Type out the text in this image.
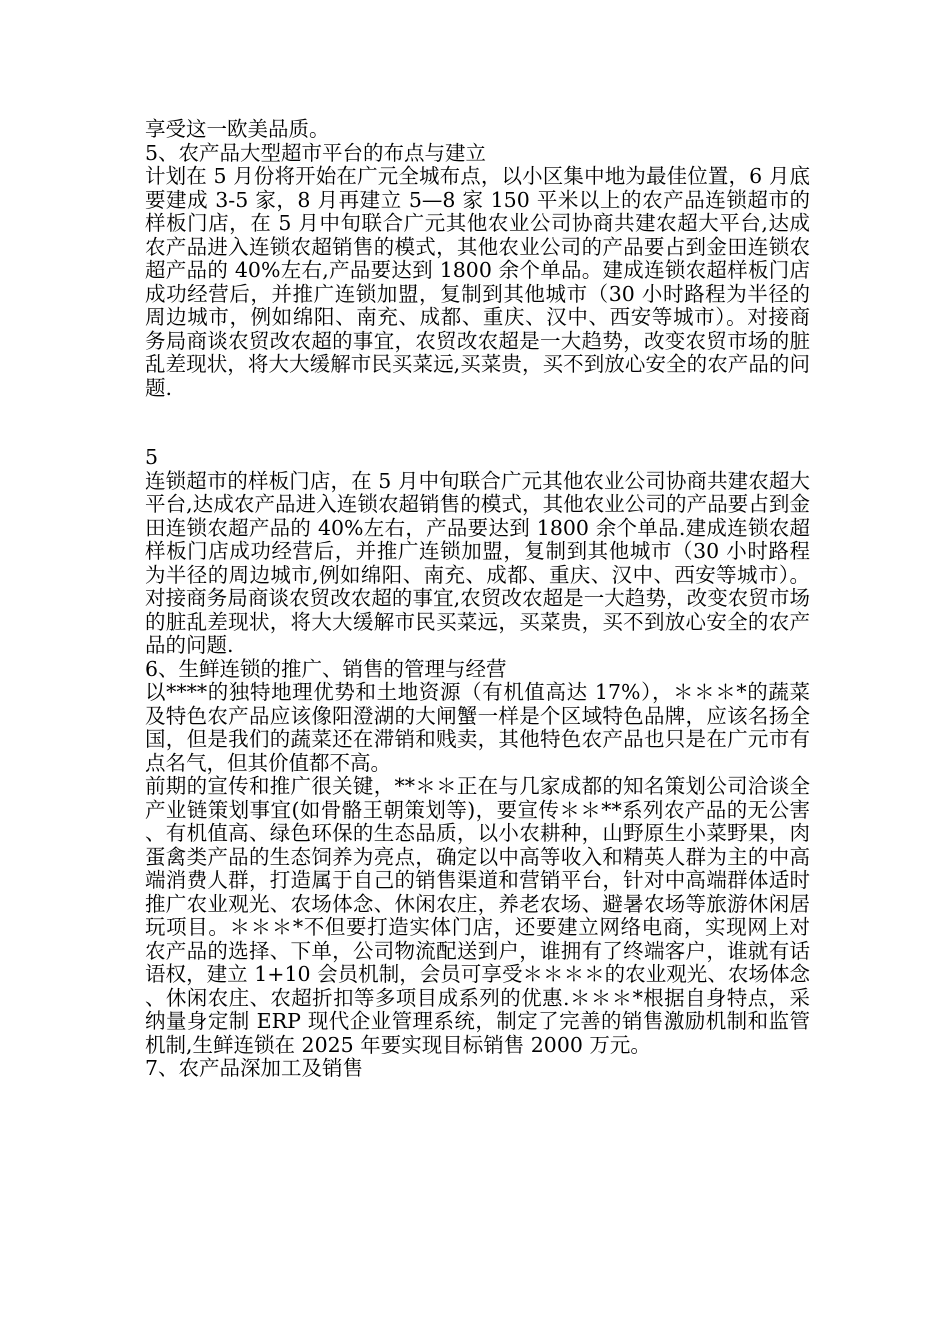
享受这一欧美品质。

5、农产品大型超市平台的布点与建立

计划在 5 月份将开始在广元全城布点，以小区集中地为最佳位置，6 月底要建成 3-5 家，8 月再建立 5—8 家 150 平米以上的农产品连锁超市的样板门店，在 5 月中旬联合广元其他农业公司协商共建农超大平台,达成农产品进入连锁农超销售的模式，其他农业公司的产品要占到金田连锁农超产品的 40%左右,产品要达到 1800 余个单品。建成连锁农超样板门店成功经营后，并推广连锁加盟，复制到其他城市（30 小时路程为半径的周边城市，例如绵阳、南充、成都、重庆、汉中、西安等城市）。对接商务局商谈农贸改农超的事宜，农贸改农超是一大趋势，改变农贸市场的脏乱差现状，将大大缓解市民买菜远,买菜贵，买不到放心安全的农产品的问题.

5

连锁超市的样板门店，在 5 月中旬联合广元其他农业公司协商共建农超大平台,达成农产品进入连锁农超销售的模式，其他农业公司的产品要占到金田连锁农超产品的 40%左右，产品要达到 1800 余个单品.建成连锁农超样板门店成功经营后，并推广连锁加盟，复制到其他城市（30 小时路程为半径的周边城市,例如绵阳、南充、成都、重庆、汉中、西安等城市）。对接商务局商谈农贸改农超的事宜,农贸改农超是一大趋势，改变农贸市场的脏乱差现状，将大大缓解市民买菜远，买菜贵，买不到放心安全的农产品的问题.

6、生鲜连锁的推广、销售的管理与经营

以****的独特地理优势和土地资源（有机值高达 17%），＊＊＊*的蔬菜及特色农产品应该像阳澄湖的大闸蟹一样是个区域特色品牌，应该名扬全国，但是我们的蔬菜还在滞销和贱卖，其他特色农产品也只是在广元市有点名气，但其价值都不高。

前期的宣传和推广很关键，**＊＊正在与几家成都的知名策划公司洽谈全产业链策划事宜(如骨骼王朝策划等)，要宣传＊＊**系列农产品的无公害、有机值高、绿色环保的生态品质，以小农耕种，山野原生小菜野果，肉蛋禽类产品的生态饲养为亮点，确定以中高等收入和精英人群为主的中高端消费人群，打造属于自己的销售渠道和营销平台，针对中高端群体适时推广农业观光、农场体念、休闲农庄，养老农场、避暑农场等旅游休闲居玩项目。＊＊＊*不但要打造实体门店，还要建立网络电商，实现网上对农产品的选择、下单，公司物流配送到户，谁拥有了终端客户，谁就有话语权，建立 1+10 会员机制，会员可享受＊＊＊＊的农业观光、农场体念、休闲农庄、农超折扣等多项目成系列的优惠.＊＊＊*根据自身特点，采纳量身定制 ERP 现代企业管理系统，制定了完善的销售激励机制和监管机制,生鲜连锁在 2025 年要实现目标销售 2000 万元。

7、农产品深加工及销售
